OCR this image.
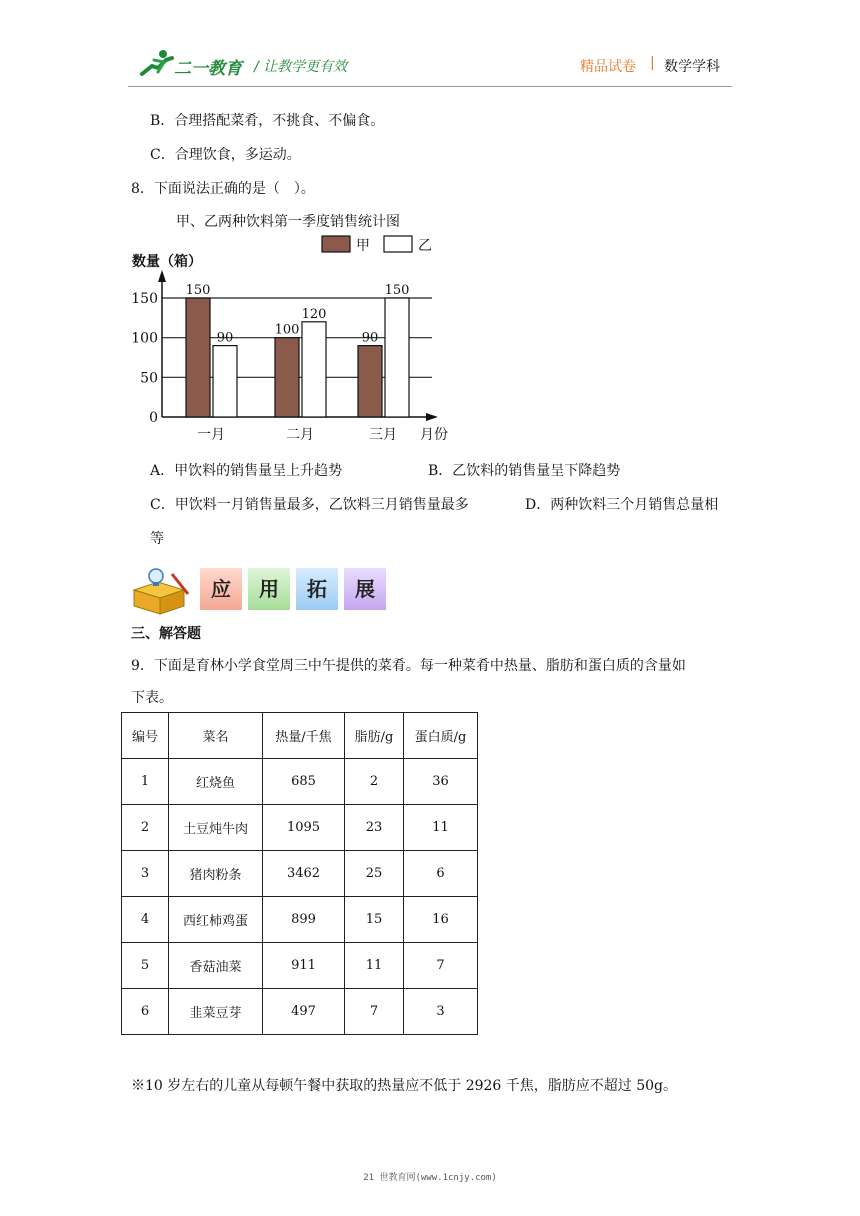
二一教育 / 让教学更有效	精品试卷 | 数学学科
B．合理搭配菜肴，不挑食、不偏食。
C．合理饮食，多运动。
8．下面说法正确的是（　）。
甲、乙两种饮料第一季度销售统计图
数量（箱）
月份
0
50
100
150
一月	二月	三月
150
90
100
120
90
150
甲	乙
A．甲饮料的销售量呈上升趋势	B．乙饮料的销售量呈下降趋势
C．甲饮料一月销售量最多，乙饮料三月销售量最多	D．两种饮料三个月销售总量相
等
应 用 拓 展
三、解答题
9．下面是育林小学食堂周三中午提供的菜肴。每一种菜肴中热量、脂肪和蛋白质的含量如
下表。
编号	菜名	热量/千焦	脂肪/g	蛋白质/g
1	红烧鱼	685	2	36
2	土豆炖牛肉	1095	23	11
3	猪肉粉条	3462	25	6
4	西红柿鸡蛋	899	15	16
5	香菇油菜	911	11	7
6	韭菜豆芽	497	7	3
※10 岁左右的儿童从每顿午餐中获取的热量应不低于 2926 千焦，脂肪应不超过 50g。
21 世教育网(www.1cnjy.com)
